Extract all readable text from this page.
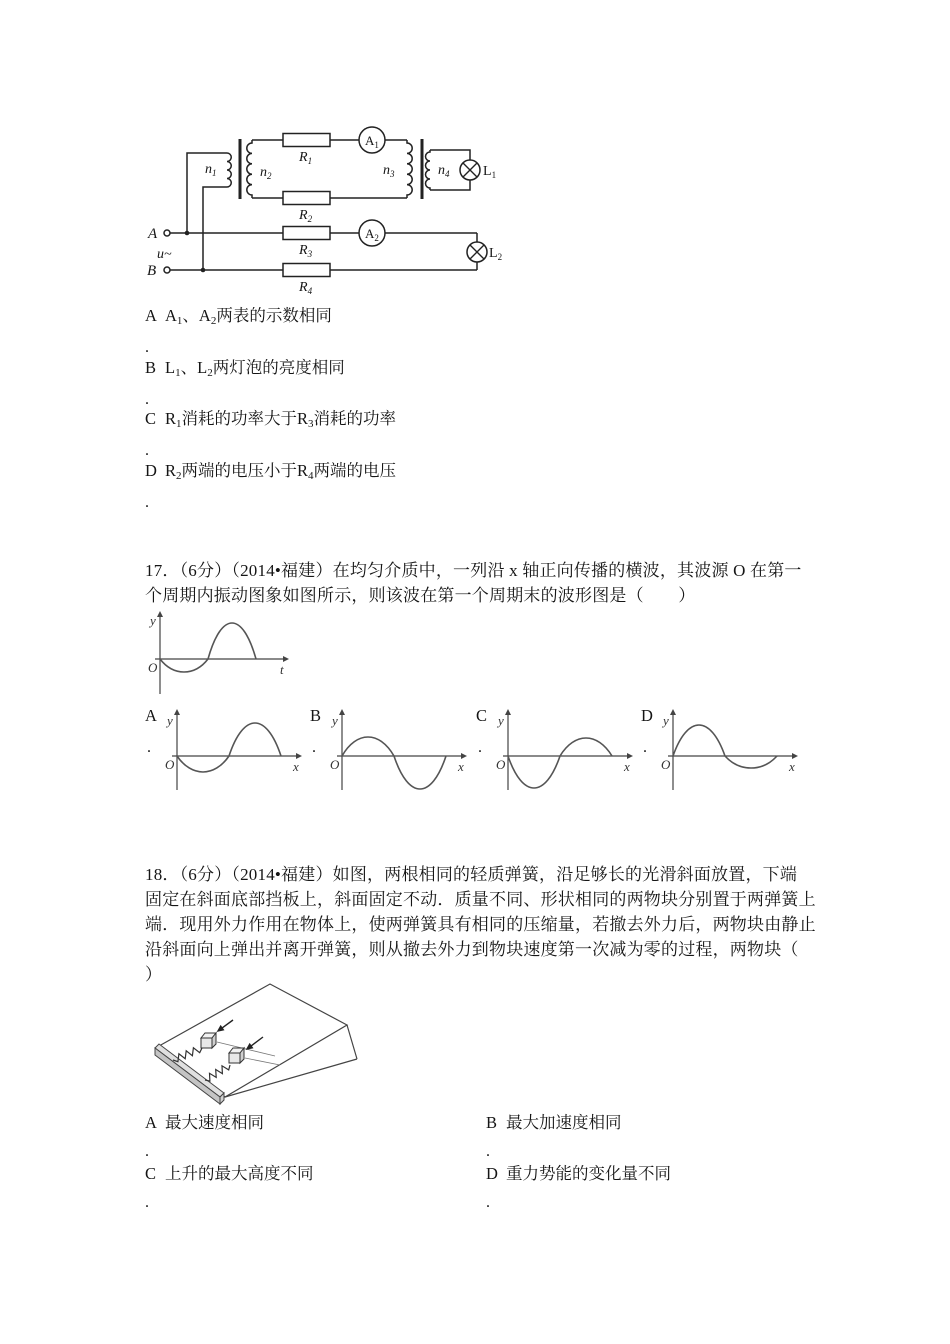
A
u~
B
$n_1$	$n_2$	$n_3$	$n_4$
$R_1$
$R_2$
$R_3$
$R_4$
$A_1$
$A_2$
$L_1$
$L_2$
A A1、A2两表的示数相同
.
B L1、L2两灯泡的亮度相同
.
C R1消耗的功率大于R3消耗的功率
.
D R2两端的电压小于R4两端的电压
.
17．（6分）（2014•福建）在均匀介质中，一列沿 x 轴正向传播的横波，其波源 O 在第一
个周期内振动图象如图所示，则该波在第一个周期末的波形图是（　　）
y
O	t
A
.
y
O	x
B
.
y
O	x
C
.
y
O	x
D
.
y
O	x
18．（6分）（2014•福建）如图，两根相同的轻质弹簧，沿足够长的光滑斜面放置，下端
固定在斜面底部挡板上，斜面固定不动．质量不同、形状相同的两物块分别置于两弹簧上
端．现用外力作用在物体上，使两弹簧具有相同的压缩量，若撤去外力后，两物块由静止
沿斜面向上弹出并离开弹簧，则从撤去外力到物块速度第一次减为零的过程，两物块（
）
A 最大速度相同
.
B 最大加速度相同
.
C 上升的最大高度不同
.
D 重力势能的变化量不同
.
